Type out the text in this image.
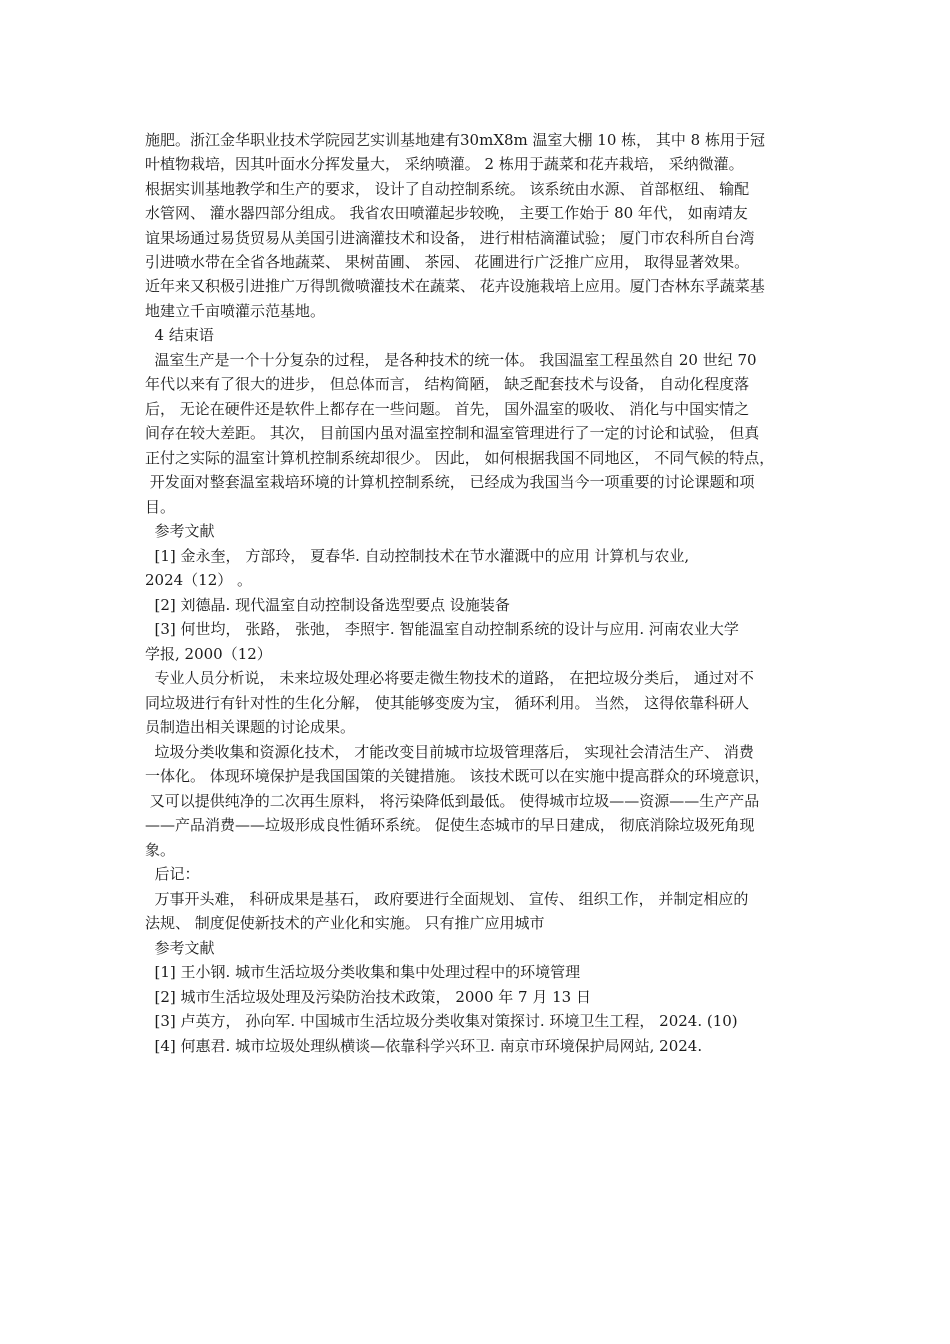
施肥。浙江金华职业技术学院园艺实训基地建有30mX8m 温室大棚 10 栋， 其中 8 栋用于冠
叶植物栽培，因其叶面水分挥发量大， 采纳喷灌。 2 栋用于蔬菜和花卉栽培， 采纳微灌。
根据实训基地教学和生产的要求， 设计了自动控制系统。 该系统由水源、 首部枢纽、 输配
水管网、 灌水器四部分组成。 我省农田喷灌起步较晚， 主要工作始于 80 年代， 如南靖友
谊果场通过易货贸易从美国引进滴灌技术和设备， 进行柑桔滴灌试验； 厦门市农科所自台湾
引进喷水带在全省各地蔬菜、 果树苗圃、 茶园、 花圃进行广泛推广应用， 取得显著效果。
近年来又积极引进推广万得凯微喷灌技术在蔬菜、 花卉设施栽培上应用。厦门杏林东孚蔬菜基
地建立千亩喷灌示范基地。
4 结束语
温室生产是一个十分复杂的过程， 是各种技术的统一体。 我国温室工程虽然自 20 世纪 70
年代以来有了很大的进步， 但总体而言， 结构简陋， 缺乏配套技术与设备， 自动化程度落
后， 无论在硬件还是软件上都存在一些问题。 首先， 国外温室的吸收、 消化与中国实情之
间存在较大差距。 其次， 目前国内虽对温室控制和温室管理进行了一定的讨论和试验， 但真
正付之实际的温室计算机控制系统却很少。 因此， 如何根据我国不同地区， 不同气候的特点，
开发面对整套温室栽培环境的计算机控制系统， 已经成为我国当今一项重要的讨论课题和项
目。
参考文献
[1] 金永奎， 方部玲， 夏春华. 自动控制技术在节水灌溉中的应用 计算机与农业,
2024（12） 。
[2] 刘德晶. 现代温室自动控制设备选型要点 设施装备
[3] 何世均， 张路， 张弛， 李照宇. 智能温室自动控制系统的设计与应用. 河南农业大学
学报, 2000（12）
专业人员分析说， 未来垃圾处理必将要走微生物技术的道路， 在把垃圾分类后， 通过对不
同垃圾进行有针对性的生化分解， 使其能够变废为宝， 循环利用。 当然， 这得依靠科研人
员制造出相关课题的讨论成果。
垃圾分类收集和资源化技术， 才能改变目前城市垃圾管理落后， 实现社会清洁生产、 消费
一体化。 体现环境保护是我国国策的关键措施。 该技术既可以在实施中提高群众的环境意识，
又可以提供纯净的二次再生原料， 将污染降低到最低。 使得城市垃圾——资源——生产产品
——产品消费——垃圾形成良性循环系统。 促使生态城市的早日建成， 彻底消除垃圾死角现
象。
后记：
万事开头难， 科研成果是基石， 政府要进行全面规划、 宣传、 组织工作， 并制定相应的
法规、 制度促使新技术的产业化和实施。 只有推广应用城市
参考文献
[1] 王小钢. 城市生活垃圾分类收集和集中处理过程中的环境管理
[2] 城市生活垃圾处理及污染防治技术政策， 2000 年 7 月 13 日
[3] 卢英方， 孙向军. 中国城市生活垃圾分类收集对策探讨. 环境卫生工程， 2024. (10)
[4] 何惠君. 城市垃圾处理纵横谈—依靠科学兴环卫. 南京市环境保护局网站, 2024.
